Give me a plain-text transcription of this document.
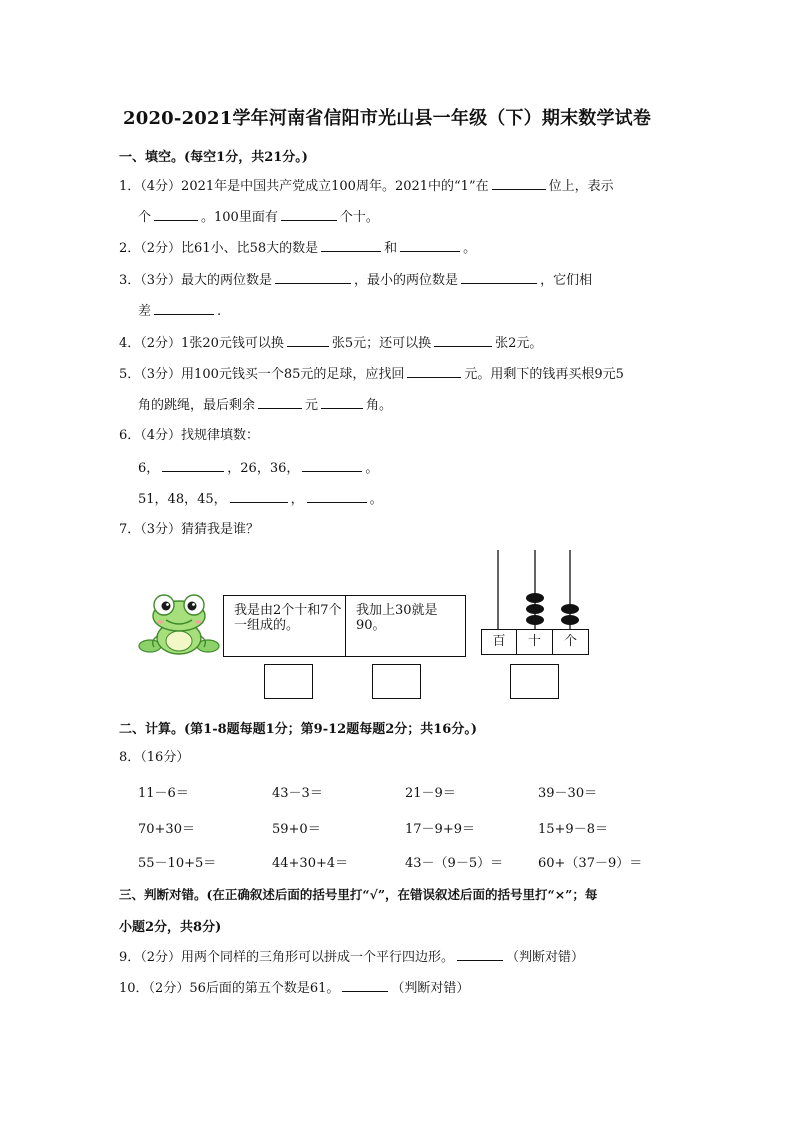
2020-2021学年河南省信阳市光山县一年级（下）期末数学试卷
一、填空。(每空1分，共21分。)
1．（4分）2021年是中国共产党成立100周年。2021中的“1”在	位上，表示
个	。100里面有	个十。
2．（2分）比61小、比58大的数是	和	。
3．（3分）最大的两位数是	，最小的两位数是	，它们相
差	.
4．（2分）1张20元钱可以换	张5元；还可以换	张2元。
5．（3分）用100元钱买一个85元的足球，应找回	元。用剩下的钱再买根9元5
角的跳绳，最后剩余	元	角。
6．（4分）找规律填数：
6，	，26，36，	。
51，48，45，	，	。
7．（3分）猜猜我是谁？
我是由2个十和7个一组成的。
我加上30就是90。
百	十	个
二、计算。(第1-8题每题1分；第9-12题每题2分；共16分。)
8．（16分）
11－6＝	43－3＝	21－9＝	39－30＝
70+30＝	59+0＝	17－9+9＝	15+9－8＝
55－10+5＝	44+30+4＝	43－（9－5）＝	60+（37－9）＝
三、判断对错。(在正确叙述后面的括号里打“√”，在错误叙述后面的括号里打“×”；每
小题2分，共8分)
9．（2分）用两个同样的三角形可以拼成一个平行四边形。	（判断对错）
10．（2分）56后面的第五个数是61。	（判断对错）
